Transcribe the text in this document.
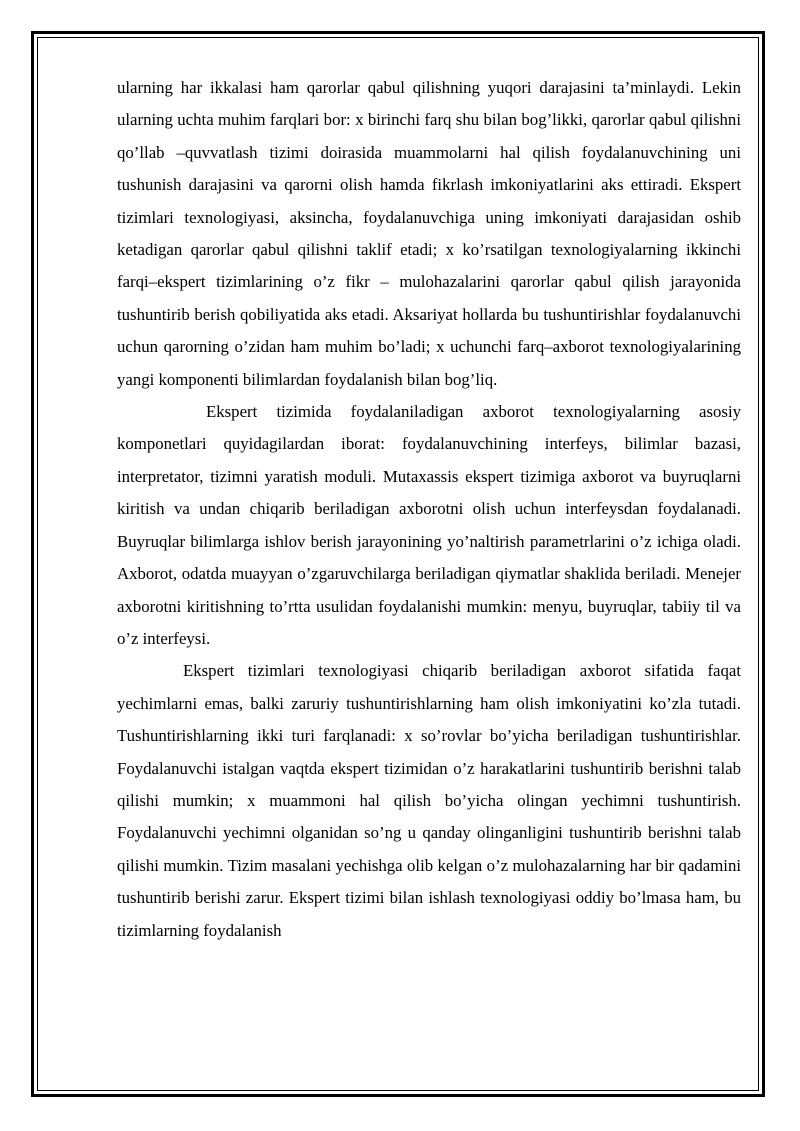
ularning har ikkalasi ham qarorlar qabul qilishning yuqori darajasini ta’minlaydi. Lekin ularning uchta muhim farqlari bor: x birinchi farq shu bilan bog’likki, qarorlar qabul qilishni qo’llab –quvvatlash tizimi doirasida muammolarni hal qilish foydalanuvchining uni tushunish darajasini va qarorni olish hamda fikrlash imkoniyatlarini aks ettiradi. Ekspert tizimlari texnologiyasi, aksincha, foydalanuvchiga uning imkoniyati darajasidan oshib ketadigan qarorlar qabul qilishni taklif etadi; x ko’rsatilgan texnologiyalarning ikkinchi farqi–ekspert tizimlarining o’z fikr – mulohazalarini qarorlar qabul qilish jarayonida tushuntirib berish qobiliyatida aks etadi. Aksariyat hollarda bu tushuntirishlar foydalanuvchi uchun qarorning o’zidan ham muhim bo’ladi; x uchunchi farq–axborot texnologiyalarining yangi komponenti bilimlardan foydalanish bilan bog’liq.

Ekspert tizimida foydalaniladigan axborot texnologiyalarning asosiy komponetlari quyidagilardan iborat: foydalanuvchining interfeys, bilimlar bazasi, interpretator, tizimni yaratish moduli. Mutaxassis ekspert tizimiga axborot va buyruqlarni kiritish va undan chiqarib beriladigan axborotni olish uchun interfeysdan foydalanadi. Buyruqlar bilimlarga ishlov berish jarayonining yo’naltirish parametrlarini o’z ichiga oladi. Axborot, odatda muayyan o’zgaruvchilarga beriladigan qiymatlar shaklida beriladi. Menejer axborotni kiritishning to’rtta usulidan foydalanishi mumkin: menyu, buyruqlar, tabiiy til va o’z interfeysi.

Ekspert tizimlari texnologiyasi chiqarib beriladigan axborot sifatida faqat yechimlarni emas, balki zaruriy tushuntirishlarning ham olish imkoniyatini ko’zla tutadi. Tushuntirishlarning ikki turi farqlanadi: x so’rovlar bo’yicha beriladigan tushuntirishlar. Foydalanuvchi istalgan vaqtda ekspert tizimidan o’z harakatlarini tushuntirib berishni talab qilishi mumkin; x muammoni hal qilish bo’yicha olingan yechimni tushuntirish. Foydalanuvchi yechimni olganidan so’ng u qanday olinganligini tushuntirib berishni talab qilishi mumkin. Tizim masalani yechishga olib kelgan o’z mulohazalarning har bir qadamini tushuntirib berishi zarur. Ekspert tizimi bilan ishlash texnologiyasi oddiy bo’lmasa ham, bu tizimlarning foydalanish
